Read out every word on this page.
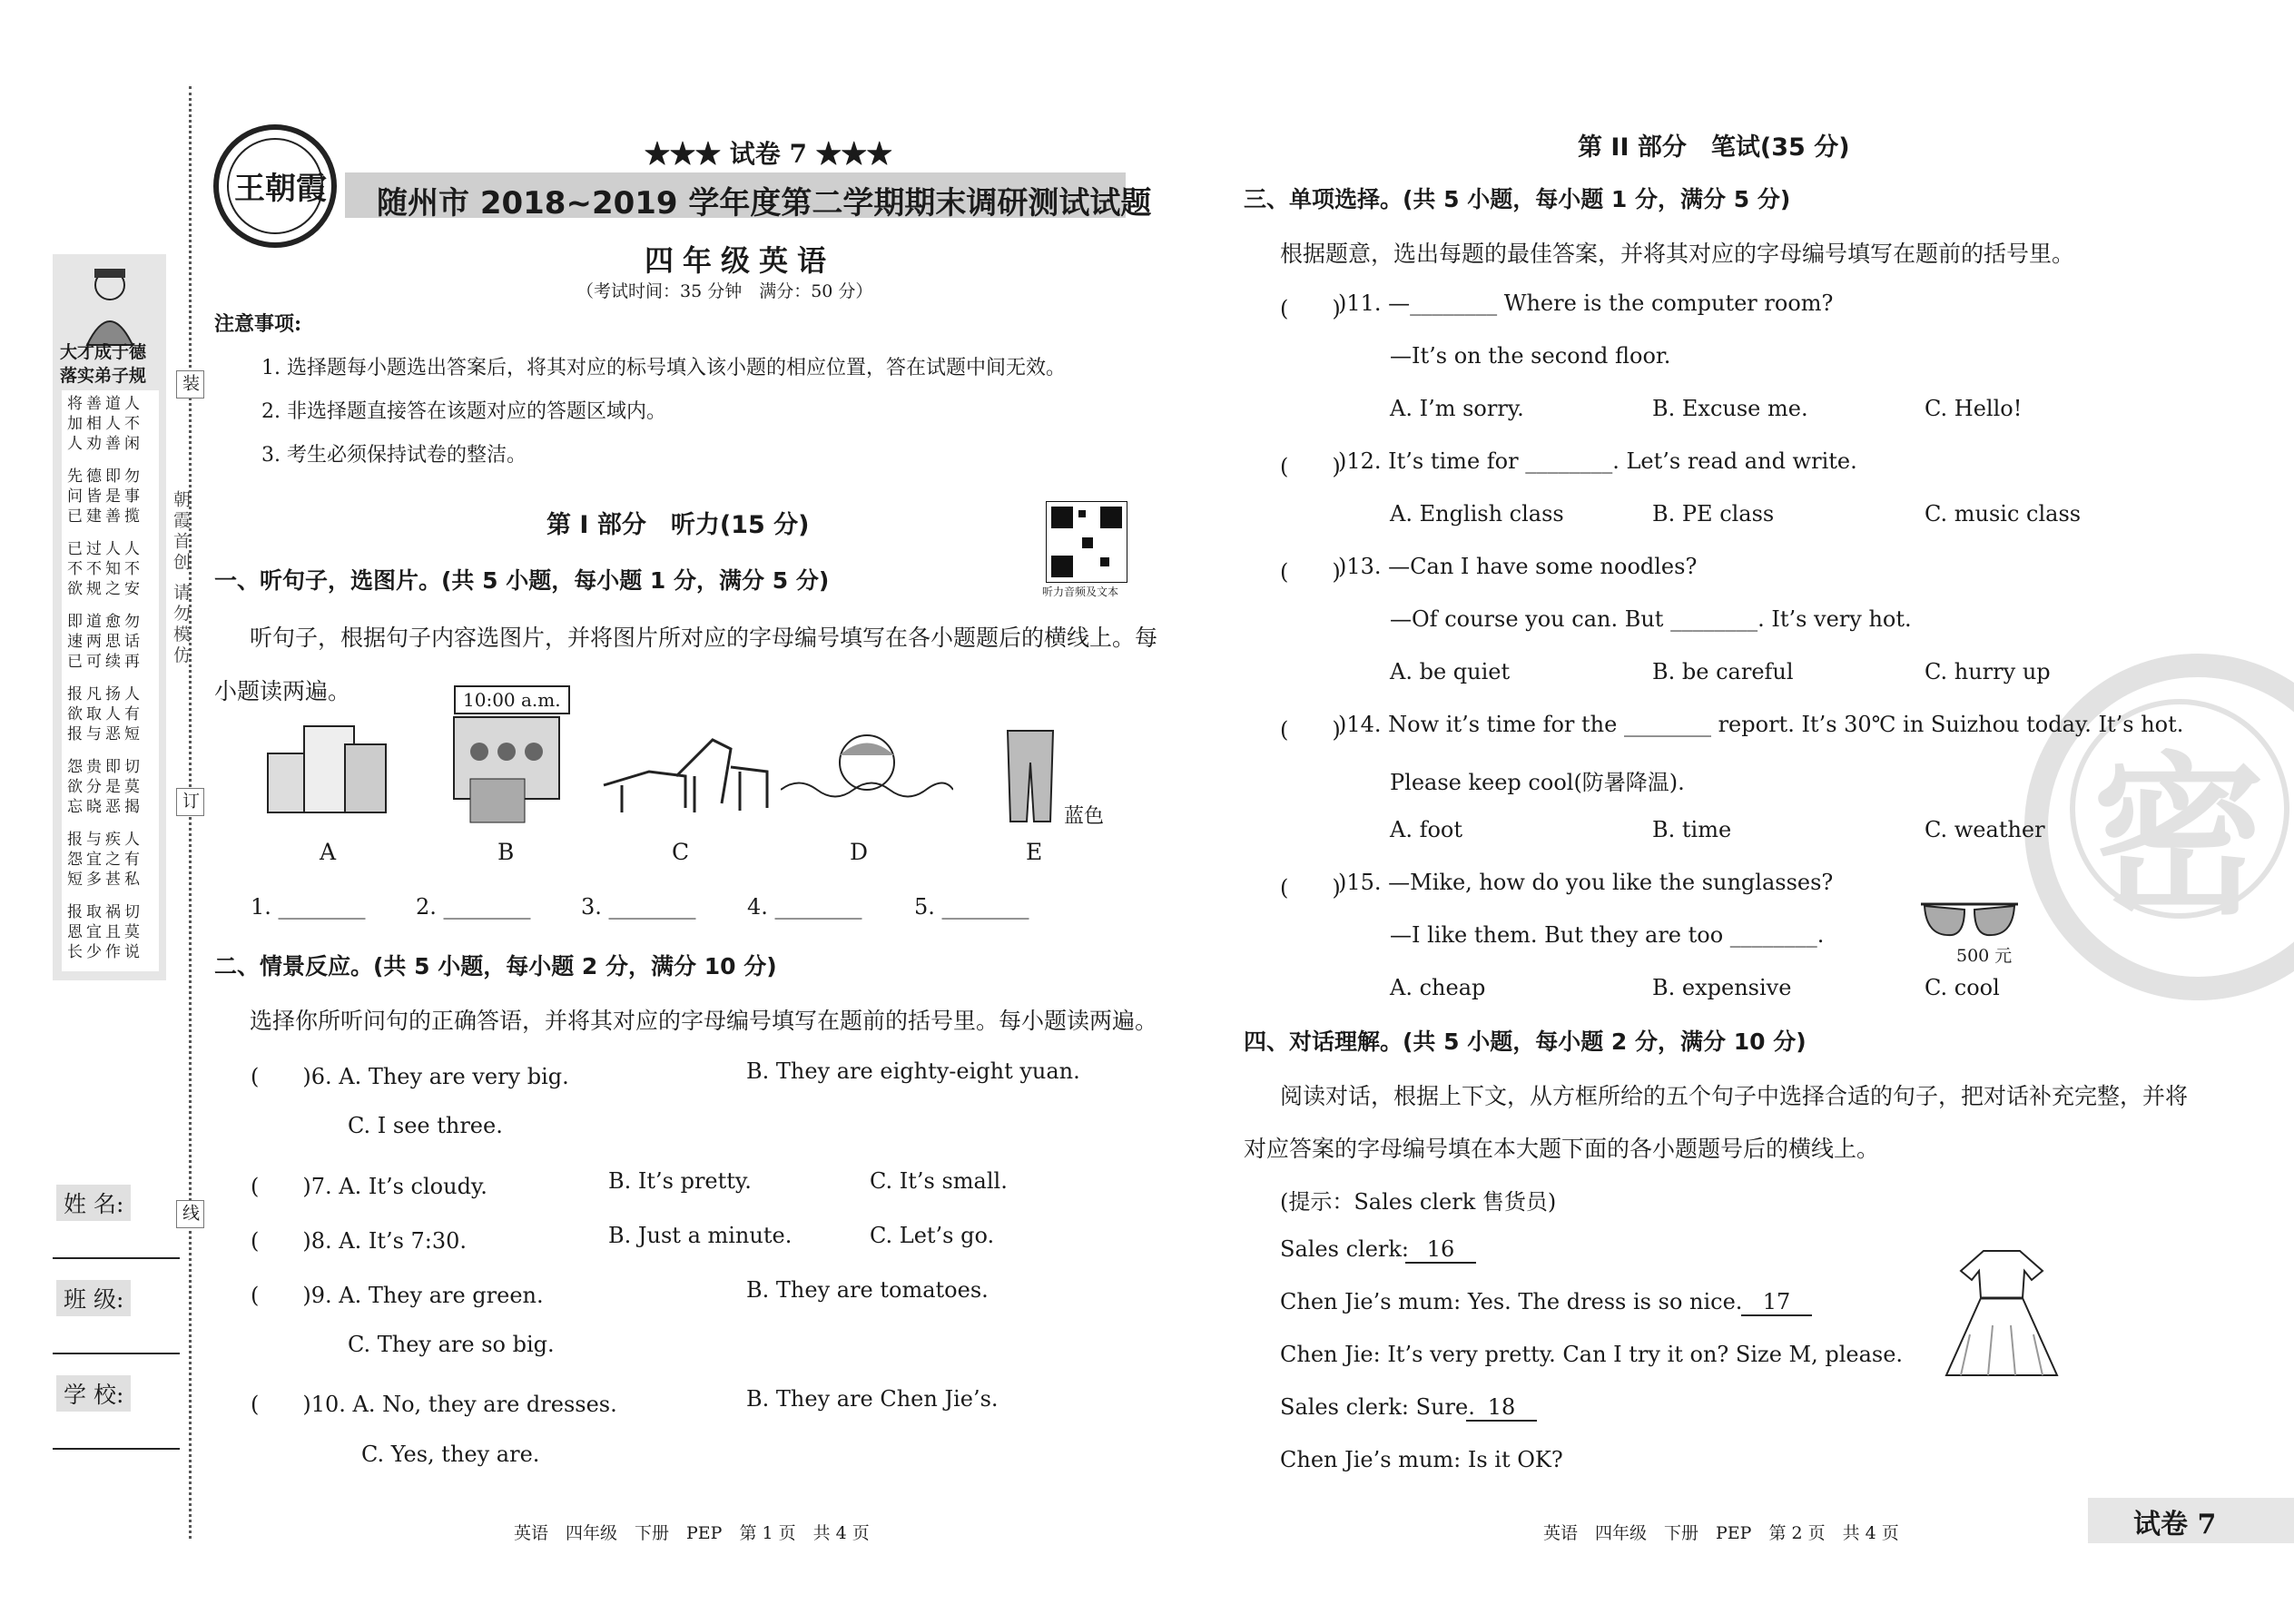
装
订
线
朝霞首创 请勿模仿
大才成于德 落实弟子规
将善道人
加相人不
人劝善闲
先德即勿
问皆是事
已建善揽
已过人人
不不知不
欲规之安
即道愈勿
速两思话
已可续再
报凡扬人
欲取人有
报与恶短
怨贵即切
欲分是莫
忘晓恶揭
报与疾人
怨宜之有
短多甚私
报取祸切
恩宜且莫
长少作说
姓 名:
班 级:
学 校:
王朝霞
★★★ 试卷 7 ★★★
随州市 2018~2019 学年度第二学期期末调研测试试题
四年级英语
（考试时间：35 分钟　满分：50 分）
注意事项:
1. 选择题每小题选出答案后，将其对应的标号填入该小题的相应位置，答在试题中间无效。
2. 非选择题直接答在该题对应的答题区域内。
3. 考生必须保持试卷的整洁。
第 I 部分　听力(15 分)
听力音频及文本
一、听句子，选图片。(共 5 小题，每小题 1 分，满分 5 分)
听句子，根据句子内容选图片，并将图片所对应的字母编号填写在各小题题后的横线上。每
小题读两遍。	10:00 a.m.
蓝色
A	B	C	D	E
1. ________ 2. ________ 3. ________ 4. ________ 5. ________
二、情景反应。(共 5 小题，每小题 2 分，满分 10 分)
选择你所听问句的正确答语，并将其对应的字母编号填写在题前的括号里。每小题读两遍。
(　　)6. A. They are very big.	B. They are eighty-eight yuan.
C. I see three.
(　　)7. A. It’s cloudy.	B. It’s pretty.	C. It’s small.
(　　)8. A. It’s 7:30.	B. Just a minute.	C. Let’s go.
(　　)9. A. They are green.	B. They are tomatoes.
C. They are so big.
(　　)10. A. No, they are dresses.	B. They are Chen Jie’s.
C. Yes, they are.
英语　四年级　下册　PEP　第 1 页　共 4 页
密
第 II 部分　笔试(35 分)
三、单项选择。(共 5 小题，每小题 1 分，满分 5 分)
根据题意，选出每题的最佳答案，并将其对应的字母编号填写在题前的括号里。
(　　)
)11. —________ Where is the computer room?
—It’s on the second floor.
A. I’m sorry.	B. Excuse me.	C. Hello!
(　　)
)12. It’s time for ________. Let’s read and write.
A. English class	B. PE class	C. music class
(　　)
)13. —Can I have some noodles?
—Of course you can. But ________. It’s very hot.
A. be quiet	B. be careful	C. hurry up
(　　)
)14. Now it’s time for the ________ report. It’s 30℃ in Suizhou today. It’s hot.
Please keep cool(防暑降温).
A. foot	B. time	C. weather
(　　)
)15. —Mike, how do you like the sunglasses?
—I like them. But they are too ________.
500 元
A. cheap	B. expensive	C. cool
四、对话理解。(共 5 小题，每小题 2 分，满分 10 分)
阅读对话，根据上下文，从方框所给的五个句子中选择合适的句子，把对话补充完整，并将
对应答案的字母编号填在本大题下面的各小题题号后的横线上。
(提示：Sales clerk 售货员)
Sales clerk: 16
Chen Jie’s mum: Yes. The dress is so nice. 17
Chen Jie: It’s very pretty. Can I try it on? Size M, please.
Sales clerk: Sure. 18
Chen Jie’s mum: Is it OK?
英语　四年级　下册　PEP　第 2 页　共 4 页	试卷 7
